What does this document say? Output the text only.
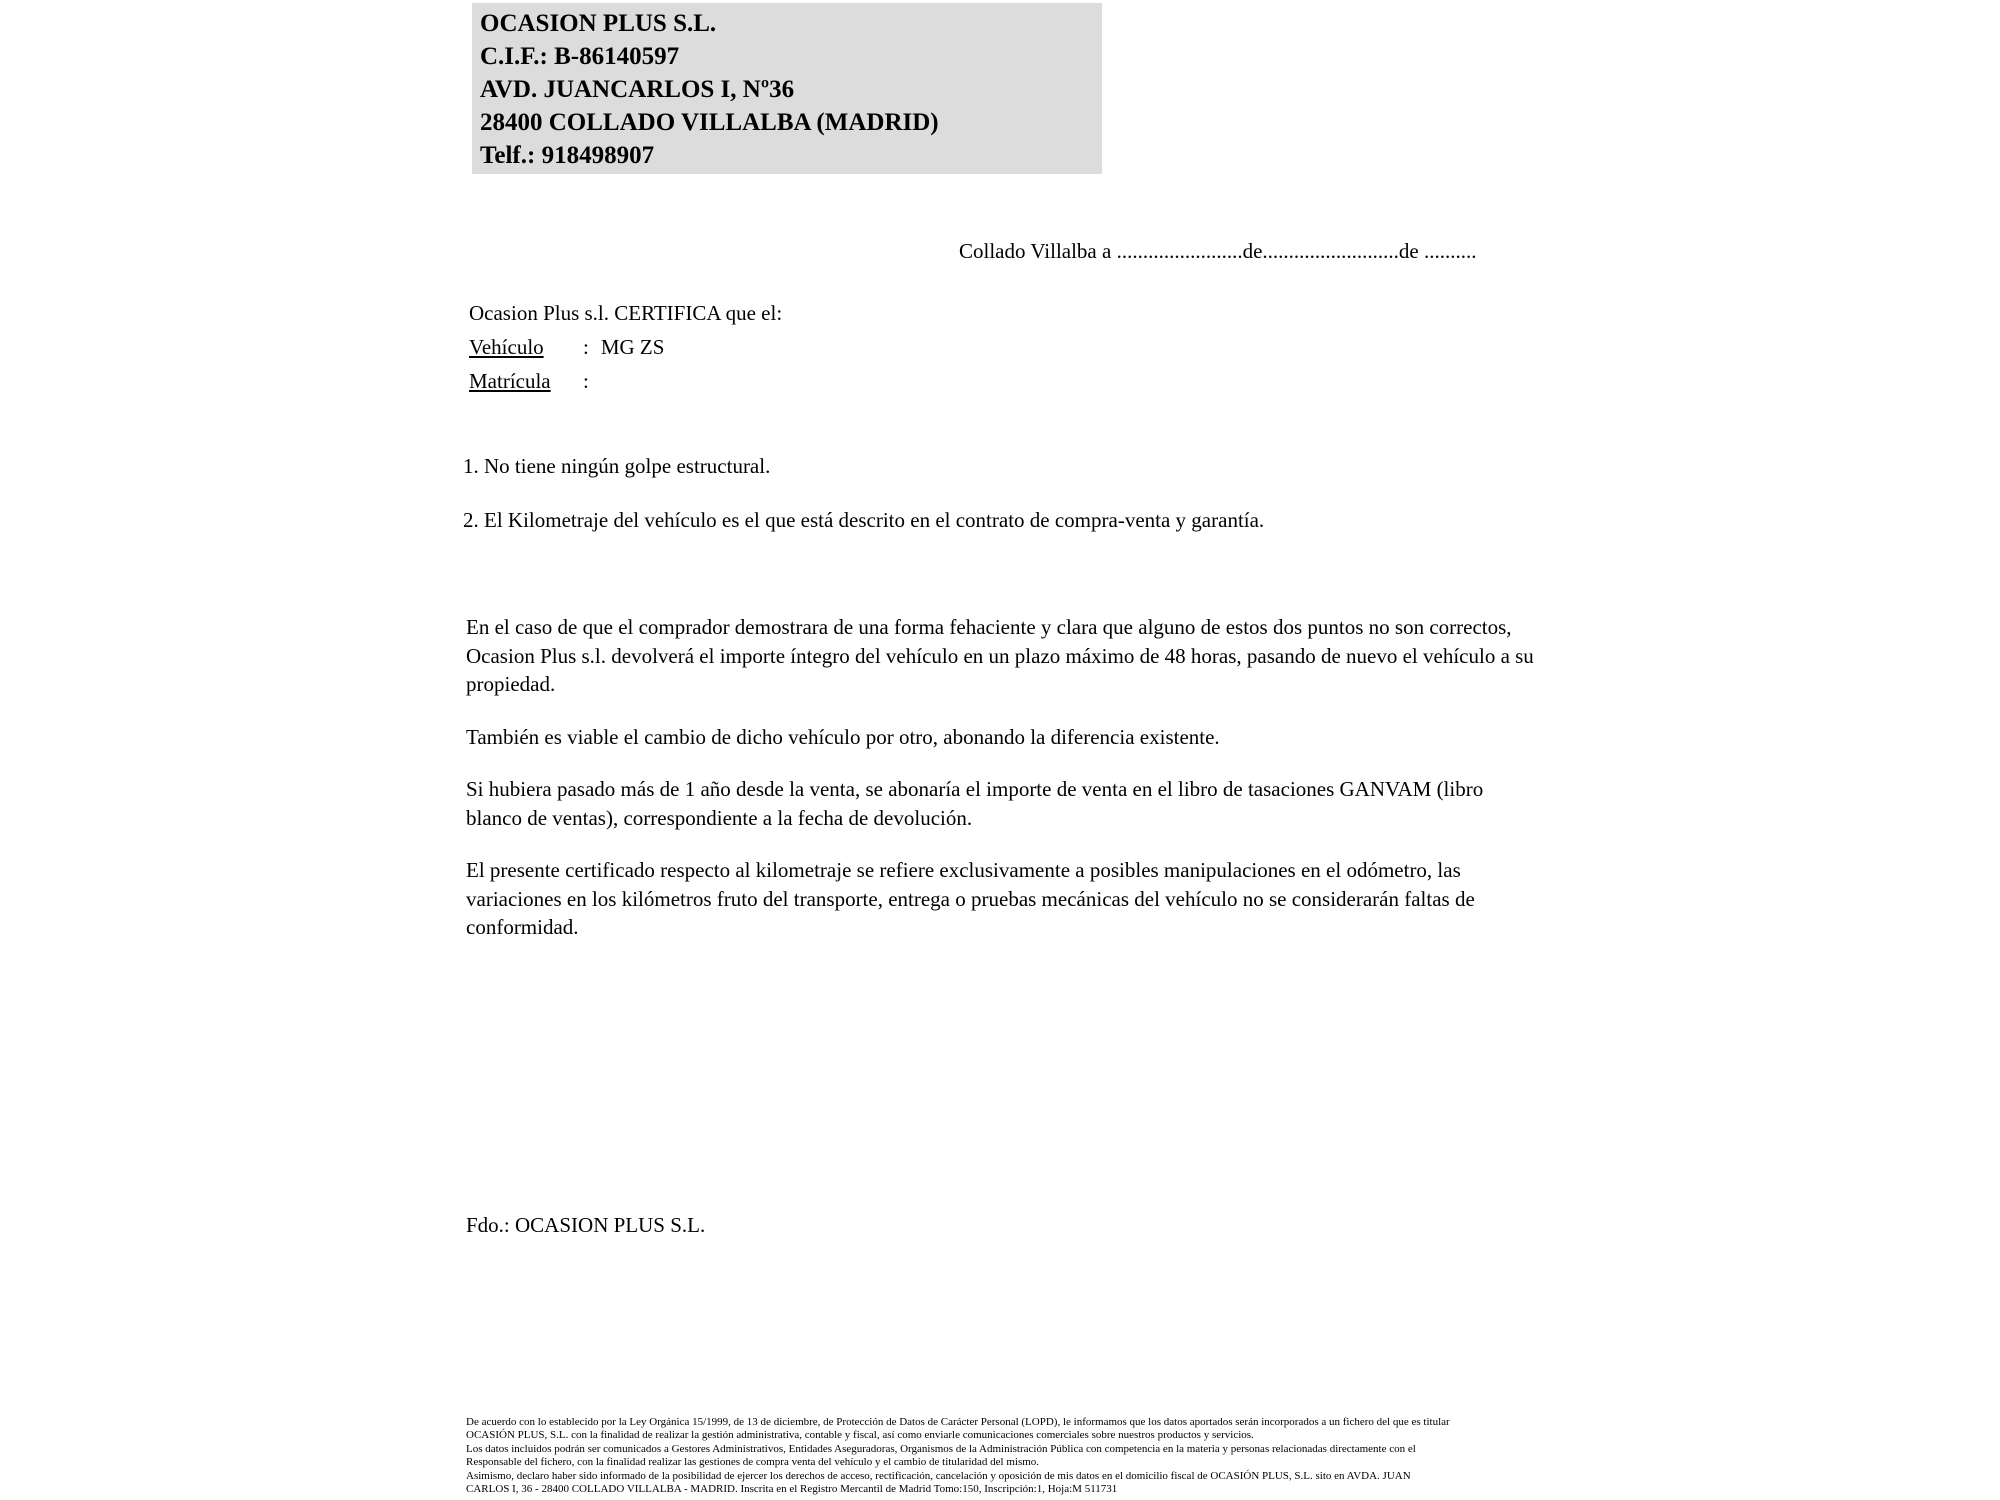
OCASION PLUS S.L.
C.I.F.: B-86140597
AVD. JUANCARLOS I, Nº36
28400 COLLADO VILLALBA (MADRID)
Telf.: 918498907
Collado Villalba a ........................de..........................de ..........
Ocasion Plus s.l. CERTIFICA que el:
Vehículo : MG ZS
Matrícula :
1. No tiene ningún golpe estructural.
2. El Kilometraje del vehículo es el que está descrito en el contrato de compra-venta y garantía.

En el caso de que el comprador demostrara de una forma fehaciente y clara que alguno de estos dos puntos no son correctos, Ocasion Plus s.l. devolverá el importe íntegro del vehículo en un plazo máximo de 48 horas, pasando de nuevo el vehículo a su propiedad.

También es viable el cambio de dicho vehículo por otro, abonando la diferencia existente.

Si hubiera pasado más de 1 año desde la venta, se abonaría el importe de venta en el libro de tasaciones GANVAM (libro blanco de ventas), correspondiente a la fecha de devolución.

El presente certificado respecto al kilometraje se refiere exclusivamente a posibles manipulaciones en el odómetro, las variaciones en los kilómetros fruto del transporte, entrega o pruebas mecánicas del vehículo no se considerarán faltas de conformidad.

Fdo.: OCASION PLUS S.L.
De acuerdo con lo establecido por la Ley Orgánica 15/1999, de 13 de diciembre, de Protección de Datos de Carácter Personal (LOPD), le informamos que los datos aportados serán incorporados a un fichero del que es titular
OCASIÓN PLUS, S.L. con la finalidad de realizar la gestión administrativa, contable y fiscal, así como enviarle comunicaciones comerciales sobre nuestros productos y servicios.
Los datos incluidos podrán ser comunicados a Gestores Administrativos, Entidades Aseguradoras, Organismos de la Administración Pública con competencia en la materia y personas relacionadas directamente con el
Responsable del fichero, con la finalidad realizar las gestiones de compra venta del vehículo y el cambio de titularidad del mismo.
Asimismo, declaro haber sido informado de la posibilidad de ejercer los derechos de acceso, rectificación, cancelación y oposición de mis datos en el domicilio fiscal de OCASIÓN PLUS, S.L. sito en AVDA. JUAN
CARLOS I, 36 - 28400 COLLADO VILLALBA - MADRID. Inscrita en el Registro Mercantil de Madrid Tomo:150, Inscripción:1, Hoja:M 511731
